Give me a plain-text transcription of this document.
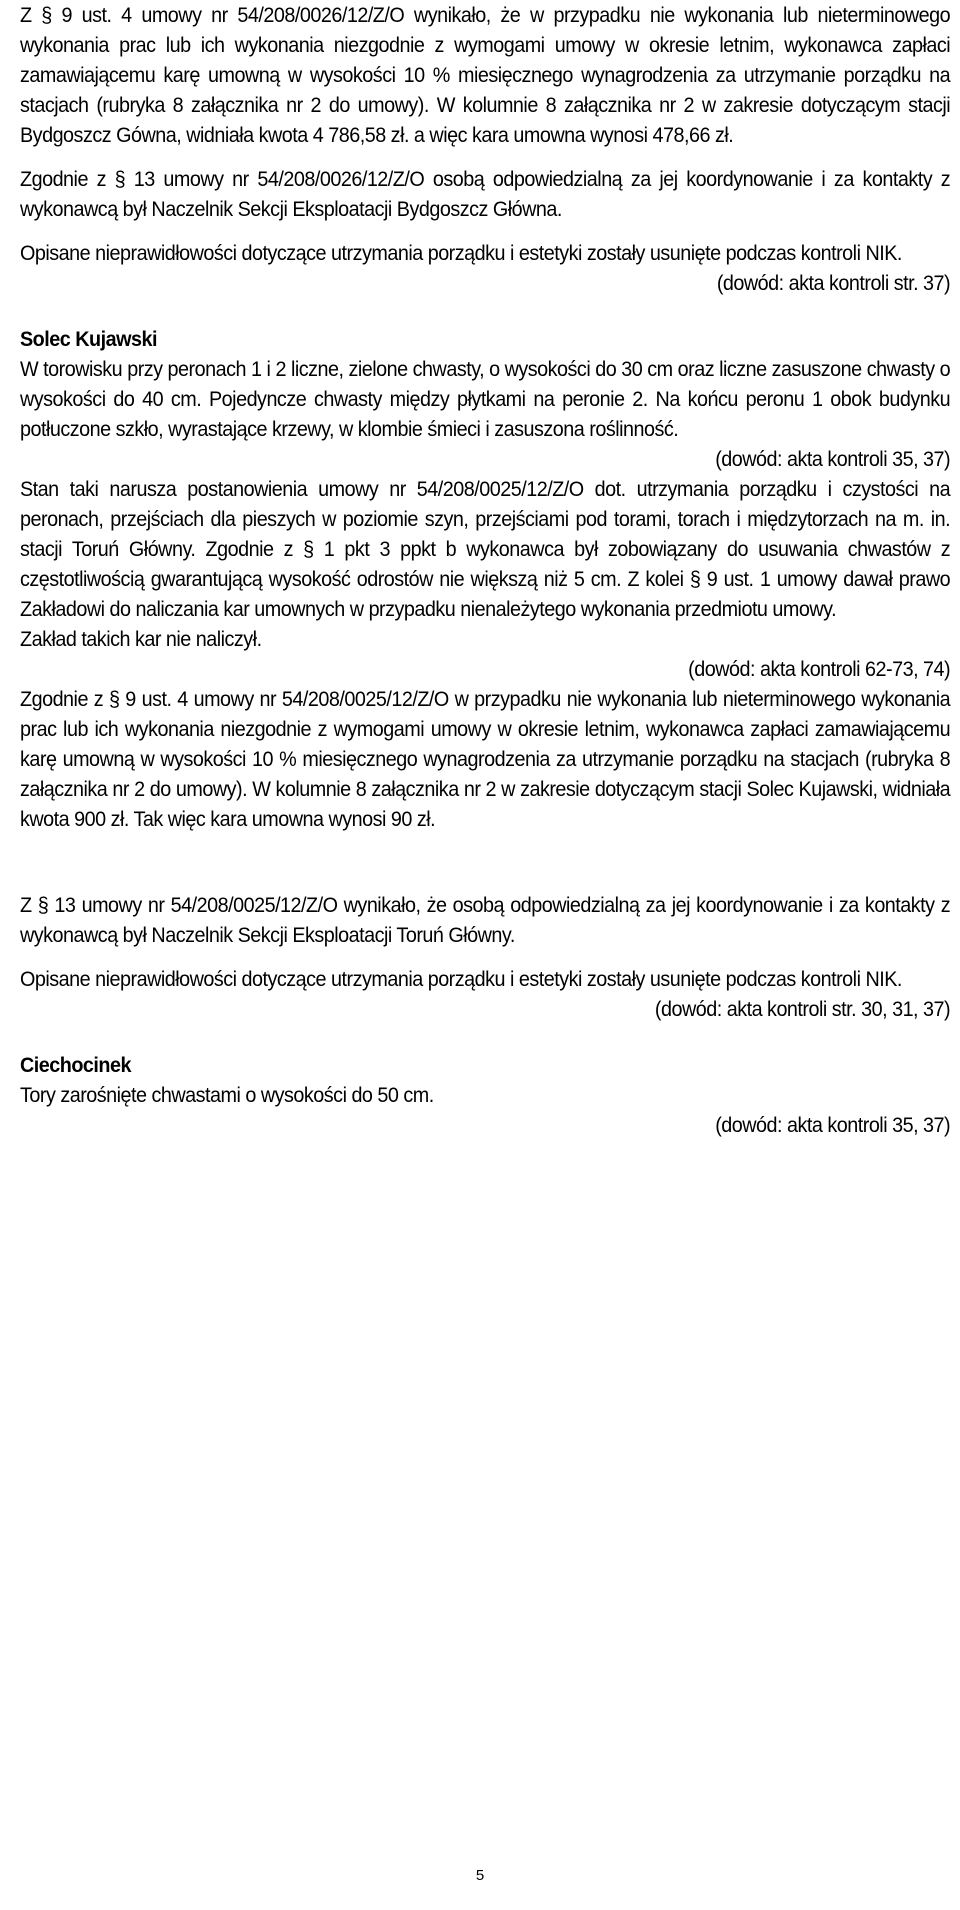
Z § 9 ust. 4 umowy nr 54/208/0026/12/Z/O wynikało, że w przypadku nie wykonania lub nieterminowego wykonania prac lub ich wykonania niezgodnie z wymogami umowy w okresie letnim, wykonawca zapłaci zamawiającemu karę umowną w wysokości 10 % miesięcznego wynagrodzenia za utrzymanie porządku na stacjach (rubryka 8 załącznika nr 2 do umowy). W kolumnie 8 załącznika nr 2 w zakresie dotyczącym stacji Bydgoszcz Gówna, widniała kwota 4 786,58 zł. a więc kara umowna wynosi 478,66 zł.

Zgodnie z § 13 umowy nr 54/208/0026/12/Z/O osobą odpowiedzialną za jej koordynowanie i za kontakty z wykonawcą był Naczelnik Sekcji Eksploatacji Bydgoszcz Główna.

Opisane nieprawidłowości dotyczące utrzymania porządku i estetyki zostały usunięte podczas kontroli NIK.

(dowód: akta kontroli str. 37)

Solec Kujawski

W torowisku przy peronach 1 i 2 liczne, zielone chwasty, o wysokości do 30 cm oraz liczne zasuszone chwasty o wysokości do 40 cm. Pojedyncze chwasty między płytkami na peronie 2. Na końcu peronu 1 obok budynku potłuczone szkło, wyrastające krzewy, w klombie śmieci i zasuszona roślinność.

(dowód: akta kontroli 35, 37)

Stan taki narusza postanowienia umowy nr 54/208/0025/12/Z/O dot. utrzymania porządku i czystości na peronach, przejściach dla pieszych w poziomie szyn, przejściami pod torami, torach i międzytorzach na m. in. stacji Toruń Główny. Zgodnie z § 1 pkt 3 ppkt b wykonawca był zobowiązany do usuwania chwastów z częstotliwością gwarantującą wysokość odrostów nie większą niż 5 cm. Z kolei § 9 ust. 1 umowy dawał prawo Zakładowi do naliczania kar umownych w przypadku nienależytego wykonania przedmiotu umowy.

Zakład takich kar nie naliczył.

(dowód: akta kontroli 62-73, 74)

Zgodnie z § 9 ust. 4 umowy nr 54/208/0025/12/Z/O w przypadku nie wykonania lub nieterminowego wykonania prac lub ich wykonania niezgodnie z wymogami umowy w okresie letnim, wykonawca zapłaci zamawiającemu karę umowną w wysokości 10 % miesięcznego wynagrodzenia za utrzymanie porządku na stacjach (rubryka 8 załącznika nr 2 do umowy). W kolumnie 8 załącznika nr 2 w zakresie dotyczącym stacji Solec Kujawski, widniała kwota 900 zł. Tak więc kara umowna wynosi 90 zł.

Z § 13 umowy nr 54/208/0025/12/Z/O wynikało, że osobą odpowiedzialną za jej koordynowanie i za kontakty z wykonawcą był Naczelnik Sekcji Eksploatacji Toruń Główny.

Opisane nieprawidłowości dotyczące utrzymania porządku i estetyki zostały usunięte podczas kontroli NIK.

(dowód: akta kontroli str. 30, 31, 37)

Ciechocinek

Tory zarośnięte chwastami o wysokości do 50 cm.

(dowód: akta kontroli 35, 37)

5
